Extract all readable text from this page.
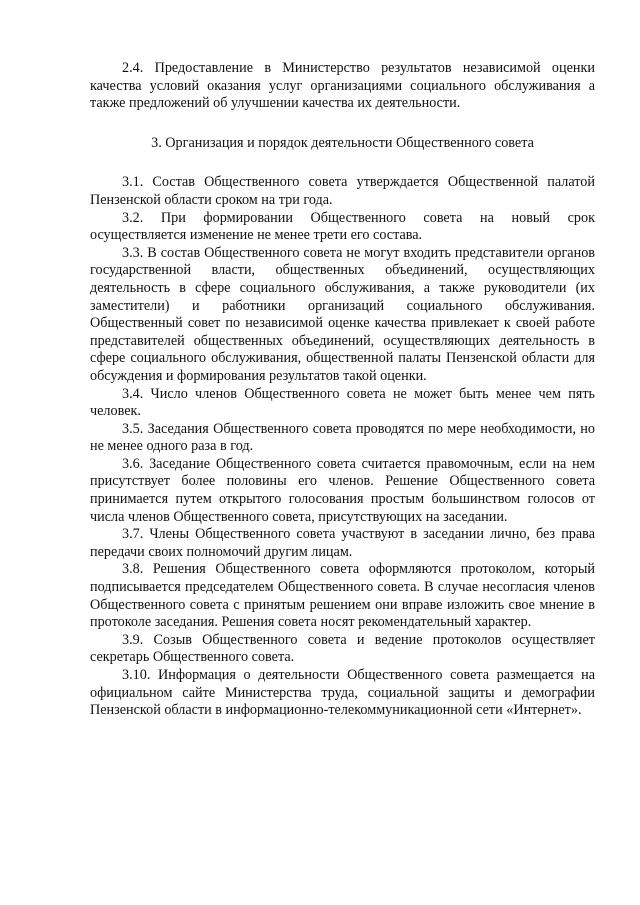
2.4. Предоставление в Министерство результатов независимой оценки качества условий оказания услуг организациями социального обслуживания а также предложений об улучшении качества их деятельности.

3. Организация и порядок деятельности Общественного совета

3.1. Состав Общественного совета утверждается Общественной палатой Пензенской области сроком на три года.

3.2. При формировании Общественного совета на новый срок осуществляется изменение не менее трети его состава.

3.3. В состав Общественного совета не могут входить представители органов государственной власти, общественных объединений, осуществляющих деятельность в сфере социального обслуживания, а также руководители (их заместители) и работники организаций социального обслуживания. Общественный совет по независимой оценке качества привлекает к своей работе представителей общественных объединений, осуществляющих деятельность в сфере социального обслуживания, общественной палаты Пензенской области для обсуждения и формирования результатов такой оценки.

3.4. Число членов Общественного совета не может быть менее чем пять человек.

3.5. Заседания Общественного совета проводятся по мере необходимости, но не менее одного раза в год.

3.6. Заседание Общественного совета считается правомочным, если на нем присутствует более половины его членов. Решение Общественного совета принимается путем открытого голосования простым большинством голосов от числа членов Общественного совета, присутствующих на заседании.

3.7. Члены Общественного совета участвуют в заседании лично, без права передачи своих полномочий другим лицам.

3.8. Решения Общественного совета оформляются протоколом, который подписывается председателем Общественного совета. В случае несогласия членов Общественного совета с принятым решением они вправе изложить свое мнение в протоколе заседания. Решения совета носят рекомендательный характер.

3.9. Созыв Общественного совета и ведение протоколов осуществляет секретарь Общественного совета.

3.10. Информация о деятельности Общественного совета размещается на официальном сайте Министерства труда, социальной защиты и демографии Пензенской области в информационно-телекоммуникационной сети «Интернет».
